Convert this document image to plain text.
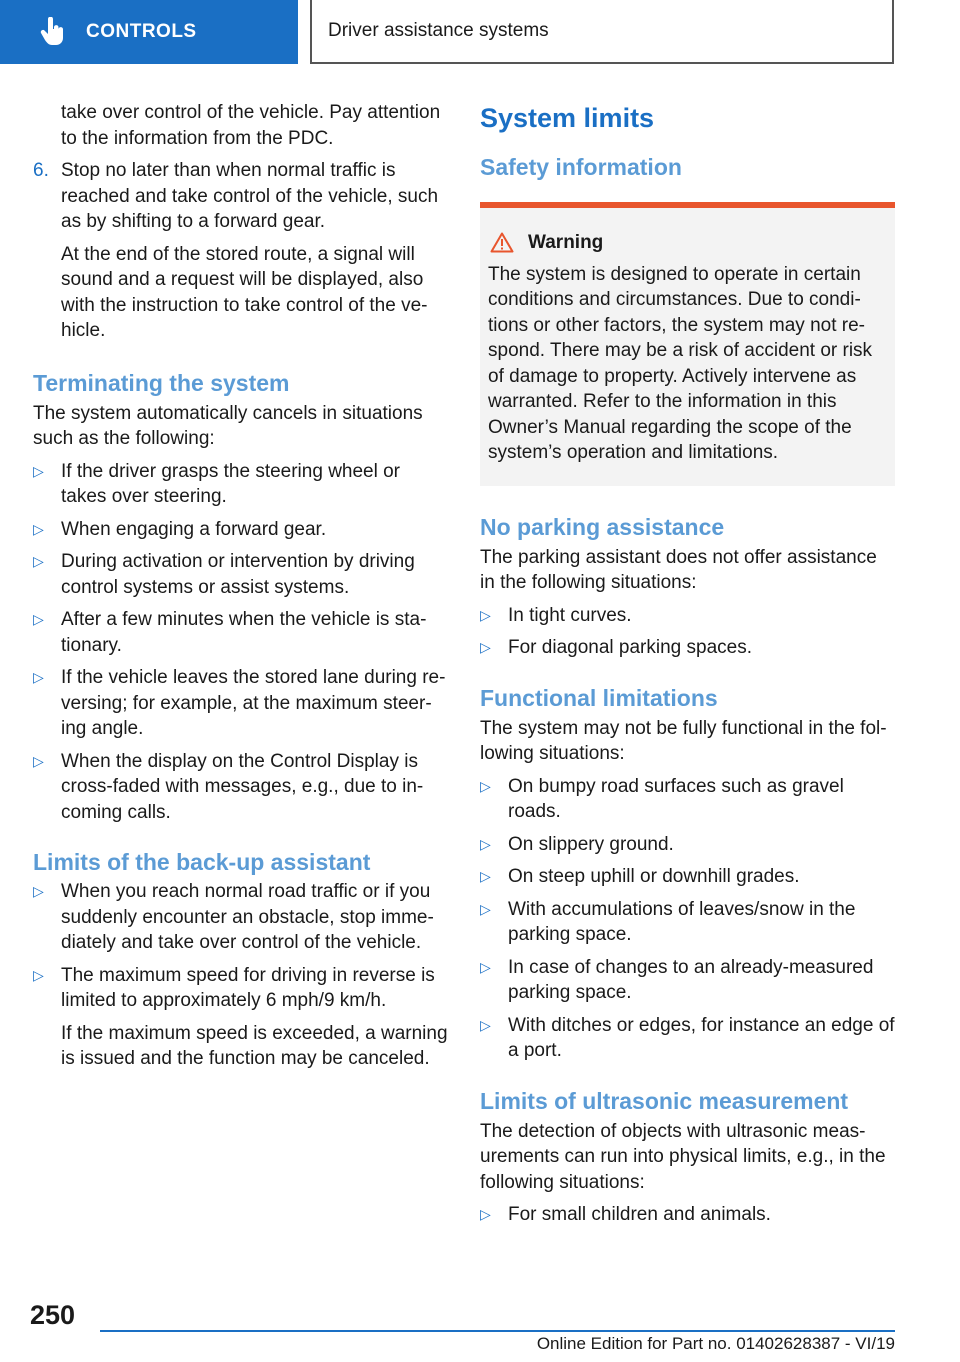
CONTROLS	Driver assistance systems

take over control of the vehicle. Pay attention to the information from the PDC.

6. Stop no later than when normal traffic is reached and take control of the vehicle, such as by shifting to a forward gear.

At the end of the stored route, a signal will sound and a request will be displayed, also with the instruction to take control of the vehicle.

Terminating the system

The system automatically cancels in situations such as the following:

▷ If the driver grasps the steering wheel or takes over steering.
▷ When engaging a forward gear.
▷ During activation or intervention by driving control systems or assist systems.
▷ After a few minutes when the vehicle is stationary.
▷ If the vehicle leaves the stored lane during reversing; for example, at the maximum steering angle.
▷ When the display on the Control Display is cross-faded with messages, e.g., due to incoming calls.
Limits of the back-up assistant
▷ When you reach normal road traffic or if you suddenly encounter an obstacle, stop immediately and take over control of the vehicle.
▷ The maximum speed for driving in reverse is limited to approximately 6 mph/9 km/h.
If the maximum speed is exceeded, a warning is issued and the function may be canceled.
System limits
Safety information
Warning

The system is designed to operate in certain conditions and circumstances. Due to conditions or other factors, the system may not respond. There may be a risk of accident or risk of damage to property. Actively intervene as warranted. Refer to the information in this Owner’s Manual regarding the scope of the system’s operation and limitations.

No parking assistance

The parking assistant does not offer assistance in the following situations:

▷ In tight curves.
▷ For diagonal parking spaces.
Functional limitations

The system may not be fully functional in the following situations:

▷ On bumpy road surfaces such as gravel roads.
▷ On slippery ground.
▷ On steep uphill or downhill grades.
▷ With accumulations of leaves/snow in the parking space.
▷ In case of changes to an already-measured parking space.
▷ With ditches or edges, for instance an edge of a port.
Limits of ultrasonic measurement

The detection of objects with ultrasonic measurements can run into physical limits, e.g., in the following situations:

▷ For small children and animals.
250
Online Edition for Part no. 01402628387 - VI/19
